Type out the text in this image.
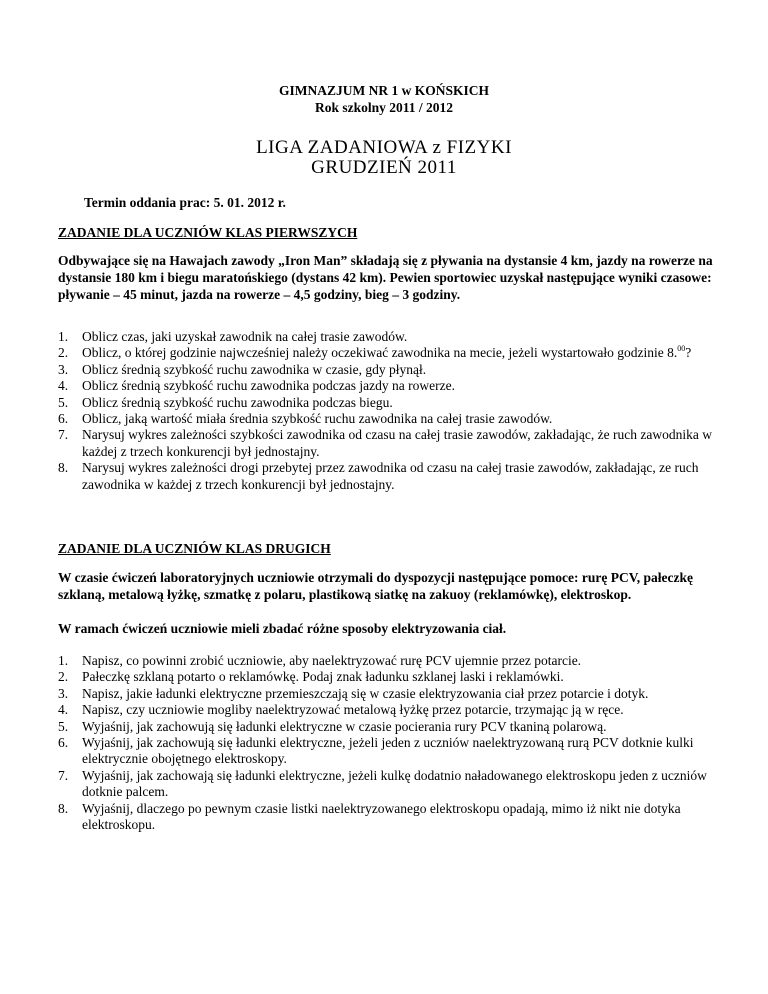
GIMNAZJUM NR 1 w KOŃSKICH
Rok szkolny 2011 / 2012
LIGA ZADANIOWA z FIZYKI
GRUDZIEŃ 2011
Termin oddania prac: 5. 01. 2012 r.
ZADANIE DLA UCZNIÓW KLAS PIERWSZYCH
Odbywające się na Hawajach zawody „Iron Man” składają się z pływania na dystansie 4 km, jazdy na rowerze na dystansie 180 km i biegu maratońskiego (dystans 42 km). Pewien sportowiec uzyskał następujące wyniki czasowe: pływanie – 45 minut, jazda na rowerze – 4,5 godziny, bieg – 3 godziny.
1. Oblicz czas, jaki uzyskał zawodnik na całej trasie zawodów.
2. Oblicz, o której godzinie najwcześniej należy oczekiwać zawodnika na mecie, jeżeli wystartowało godzinie 8.00?
3. Oblicz średnią szybkość ruchu zawodnika w czasie, gdy płynął.
4. Oblicz średnią szybkość ruchu zawodnika podczas jazdy na rowerze.
5. Oblicz średnią szybkość ruchu zawodnika podczas biegu.
6. Oblicz, jaką wartość miała średnia szybkość ruchu zawodnika na całej trasie zawodów.
7. Narysuj wykres zależności szybkości zawodnika od czasu na całej trasie zawodów, zakładając, że ruch zawodnika w każdej z trzech konkurencji był jednostajny.
8. Narysuj wykres zależności drogi przebytej przez zawodnika od czasu na całej trasie zawodów, zakładając, ze ruch zawodnika w każdej z trzech konkurencji był jednostajny.
ZADANIE DLA UCZNIÓW KLAS DRUGICH
W czasie ćwiczeń laboratoryjnych uczniowie otrzymali do dyspozycji następujące pomoce: rurę PCV, pałeczkę szklaną, metalową łyżkę, szmatkę z polaru, plastikową siatkę na zakuoy (reklamówkę), elektroskop.
W ramach ćwiczeń uczniowie mieli zbadać różne sposoby elektryzowania ciał.
1. Napisz, co powinni zrobić uczniowie, aby naelektryzować rurę PCV ujemnie przez potarcie.
2. Pałeczkę szklaną potarto o reklamówkę. Podaj znak ładunku szklanej laski i reklamówki.
3. Napisz, jakie ładunki elektryczne przemieszczają się w czasie elektryzowania ciał przez potarcie i dotyk.
4. Napisz, czy uczniowie mogliby naelektryzować metalową łyżkę przez potarcie, trzymając ją w ręce.
5. Wyjaśnij, jak zachowują się ładunki elektryczne w czasie pocierania rury PCV tkaniną polarową.
6. Wyjaśnij, jak zachowują się ładunki elektryczne, jeżeli jeden z uczniów naelektryzowaną rurą PCV dotknie kulki elektrycznie obojętnego elektroskopy.
7. Wyjaśnij, jak zachowają się ładunki elektryczne, jeżeli kulkę dodatnio naładowanego elektroskopu jeden z uczniów dotknie palcem.
8. Wyjaśnij, dlaczego po pewnym czasie listki naelektryzowanego elektroskopu opadają, mimo iż nikt nie dotyka elektroskopu.
